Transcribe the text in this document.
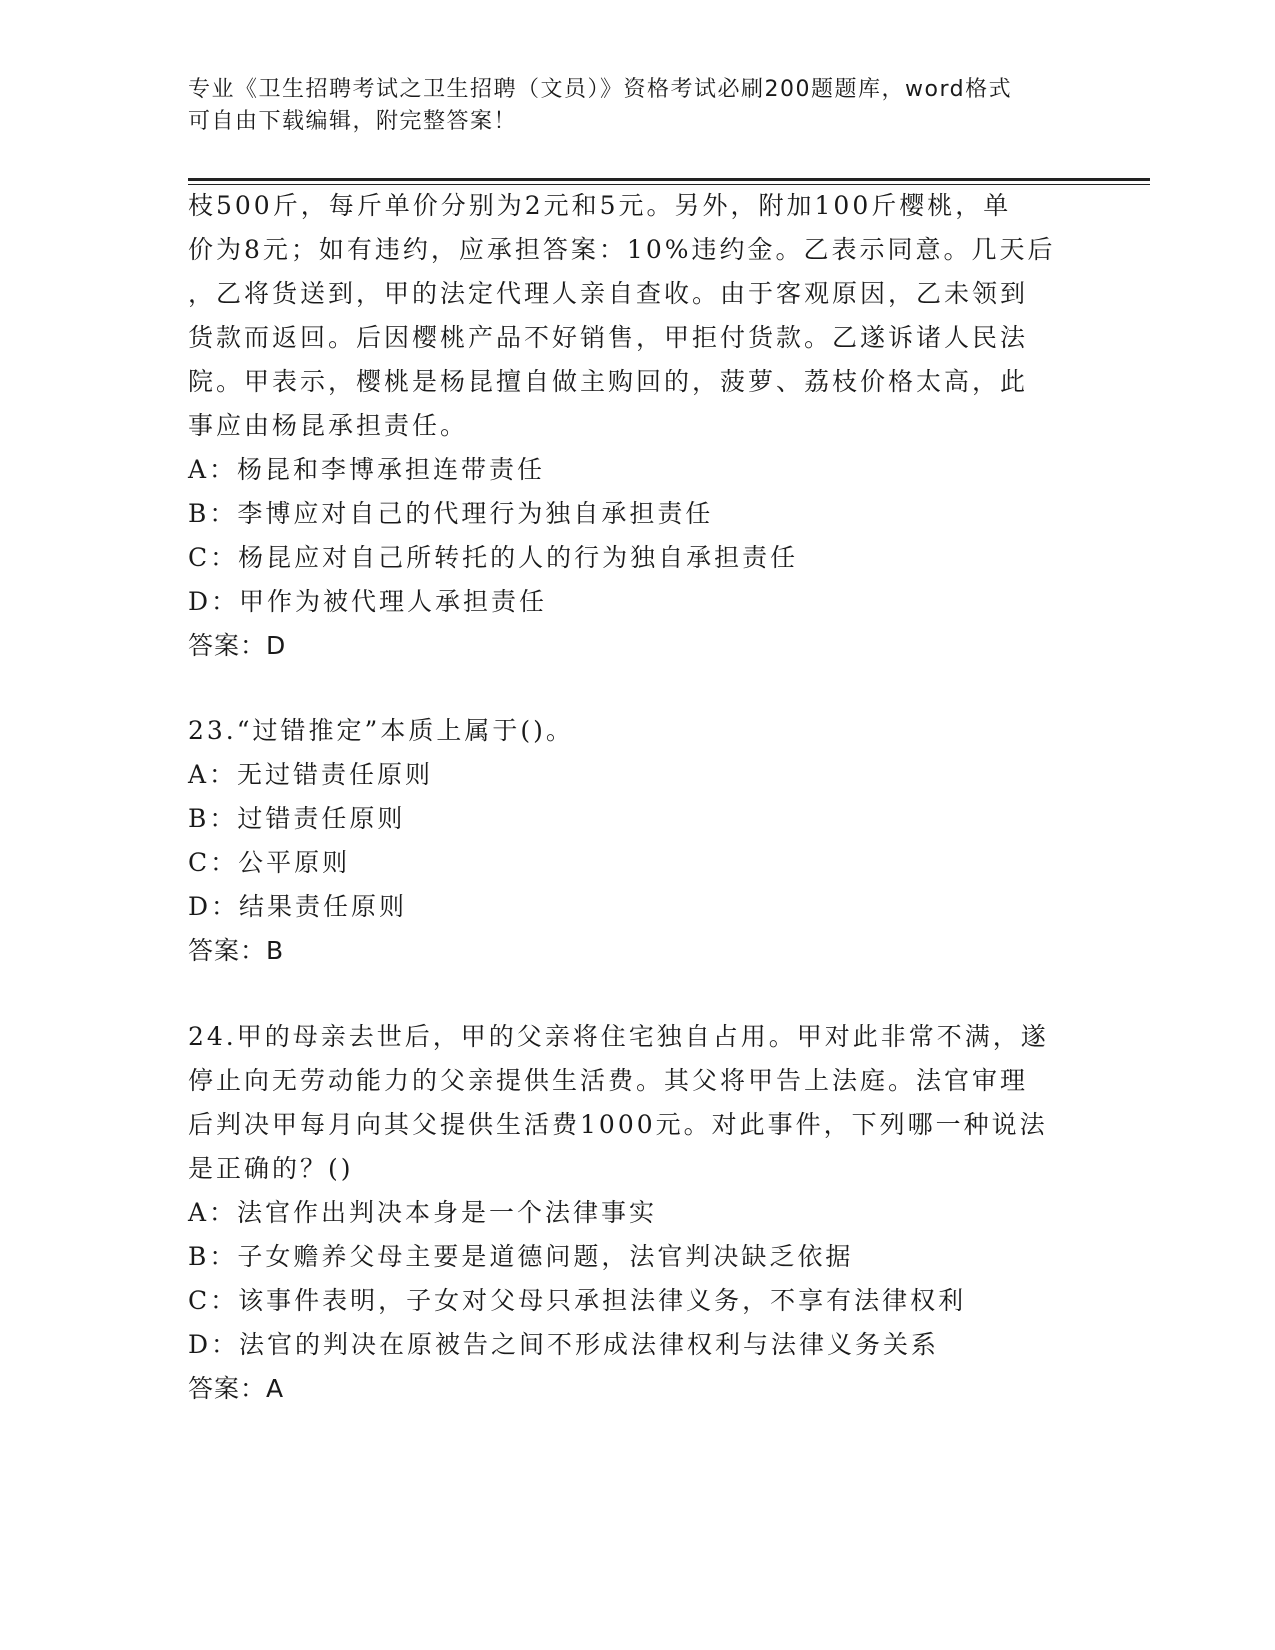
专业《卫生招聘考试之卫生招聘（文员）》资格考试必刷200题题库，word格式
可自由下载编辑，附完整答案！
枝500斤，每斤单价分别为2元和5元。另外，附加100斤樱桃，单
价为8元；如有违约，应承担答案：10%违约金。乙表示同意。几天后
，乙将货送到，甲的法定代理人亲自查收。由于客观原因，乙未领到
货款而返回。后因樱桃产品不好销售，甲拒付货款。乙遂诉诸人民法
院。甲表示，樱桃是杨昆擅自做主购回的，菠萝、荔枝价格太高，此
事应由杨昆承担责任。
A：杨昆和李博承担连带责任
B：李博应对自己的代理行为独自承担责任
C：杨昆应对自己所转托的人的行为独自承担责任
D：甲作为被代理人承担责任
答案：D
23.“过错推定”本质上属于()。
A：无过错责任原则
B：过错责任原则
C：公平原则
D：结果责任原则
答案：B
24.甲的母亲去世后，甲的父亲将住宅独自占用。甲对此非常不满，遂
停止向无劳动能力的父亲提供生活费。其父将甲告上法庭。法官审理
后判决甲每月向其父提供生活费1000元。对此事件，下列哪一种说法
是正确的？()
A：法官作出判决本身是一个法律事实
B：子女赡养父母主要是道德问题，法官判决缺乏依据
C：该事件表明，子女对父母只承担法律义务，不享有法律权利
D：法官的判决在原被告之间不形成法律权利与法律义务关系
答案：A
